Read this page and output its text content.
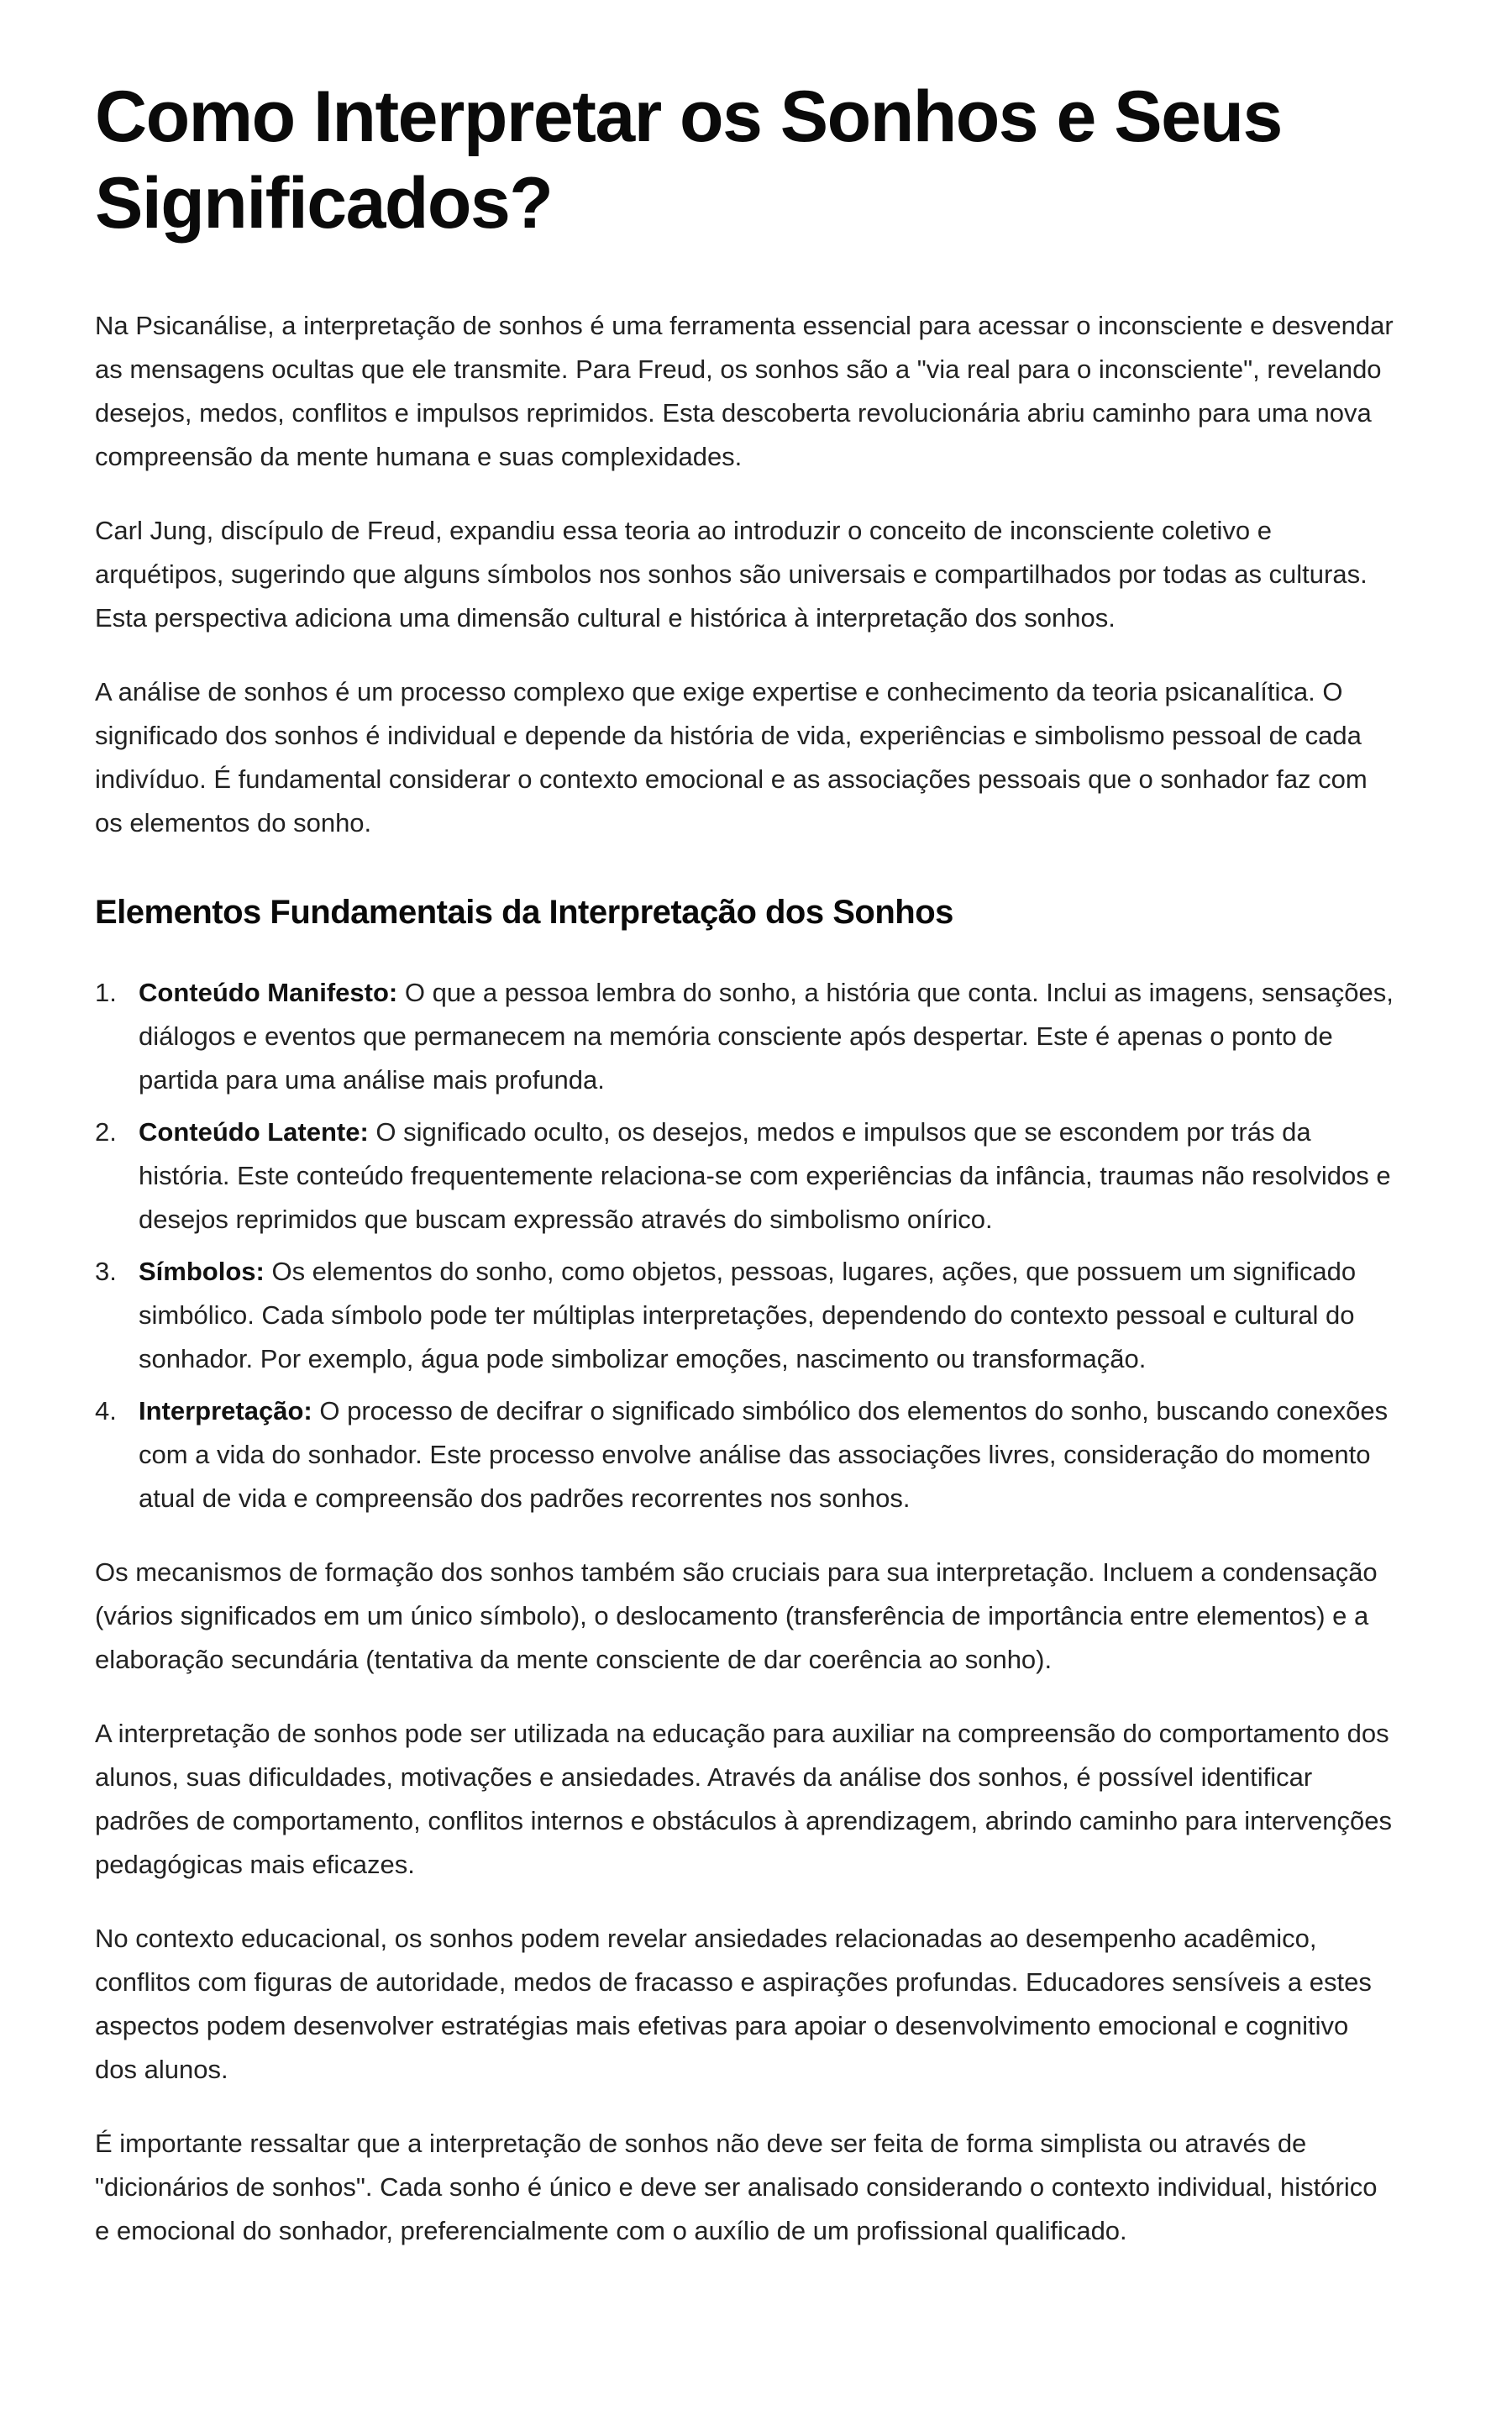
Como Interpretar os Sonhos e Seus Significados?

Na Psicanálise, a interpretação de sonhos é uma ferramenta essencial para acessar o inconsciente e desvendar as mensagens ocultas que ele transmite. Para Freud, os sonhos são a "via real para o inconsciente", revelando desejos, medos, conflitos e impulsos reprimidos. Esta descoberta revolucionária abriu caminho para uma nova compreensão da mente humana e suas complexidades.

Carl Jung, discípulo de Freud, expandiu essa teoria ao introduzir o conceito de inconsciente coletivo e arquétipos, sugerindo que alguns símbolos nos sonhos são universais e compartilhados por todas as culturas. Esta perspectiva adiciona uma dimensão cultural e histórica à interpretação dos sonhos.

A análise de sonhos é um processo complexo que exige expertise e conhecimento da teoria psicanalítica. O significado dos sonhos é individual e depende da história de vida, experiências e simbolismo pessoal de cada indivíduo. É fundamental considerar o contexto emocional e as associações pessoais que o sonhador faz com os elementos do sonho.

Elementos Fundamentais da Interpretação dos Sonhos
1. Conteúdo Manifesto: O que a pessoa lembra do sonho, a história que conta. Inclui as imagens, sensações, diálogos e eventos que permanecem na memória consciente após despertar. Este é apenas o ponto de partida para uma análise mais profunda.
2. Conteúdo Latente: O significado oculto, os desejos, medos e impulsos que se escondem por trás da história. Este conteúdo frequentemente relaciona-se com experiências da infância, traumas não resolvidos e desejos reprimidos que buscam expressão através do simbolismo onírico.
3. Símbolos: Os elementos do sonho, como objetos, pessoas, lugares, ações, que possuem um significado simbólico. Cada símbolo pode ter múltiplas interpretações, dependendo do contexto pessoal e cultural do sonhador. Por exemplo, água pode simbolizar emoções, nascimento ou transformação.
4. Interpretação: O processo de decifrar o significado simbólico dos elementos do sonho, buscando conexões com a vida do sonhador. Este processo envolve análise das associações livres, consideração do momento atual de vida e compreensão dos padrões recorrentes nos sonhos.

Os mecanismos de formação dos sonhos também são cruciais para sua interpretação. Incluem a condensação (vários significados em um único símbolo), o deslocamento (transferência de importância entre elementos) e a elaboração secundária (tentativa da mente consciente de dar coerência ao sonho).

A interpretação de sonhos pode ser utilizada na educação para auxiliar na compreensão do comportamento dos alunos, suas dificuldades, motivações e ansiedades. Através da análise dos sonhos, é possível identificar padrões de comportamento, conflitos internos e obstáculos à aprendizagem, abrindo caminho para intervenções pedagógicas mais eficazes.

No contexto educacional, os sonhos podem revelar ansiedades relacionadas ao desempenho acadêmico, conflitos com figuras de autoridade, medos de fracasso e aspirações profundas. Educadores sensíveis a estes aspectos podem desenvolver estratégias mais efetivas para apoiar o desenvolvimento emocional e cognitivo dos alunos.

É importante ressaltar que a interpretação de sonhos não deve ser feita de forma simplista ou através de "dicionários de sonhos". Cada sonho é único e deve ser analisado considerando o contexto individual, histórico e emocional do sonhador, preferencialmente com o auxílio de um profissional qualificado.
